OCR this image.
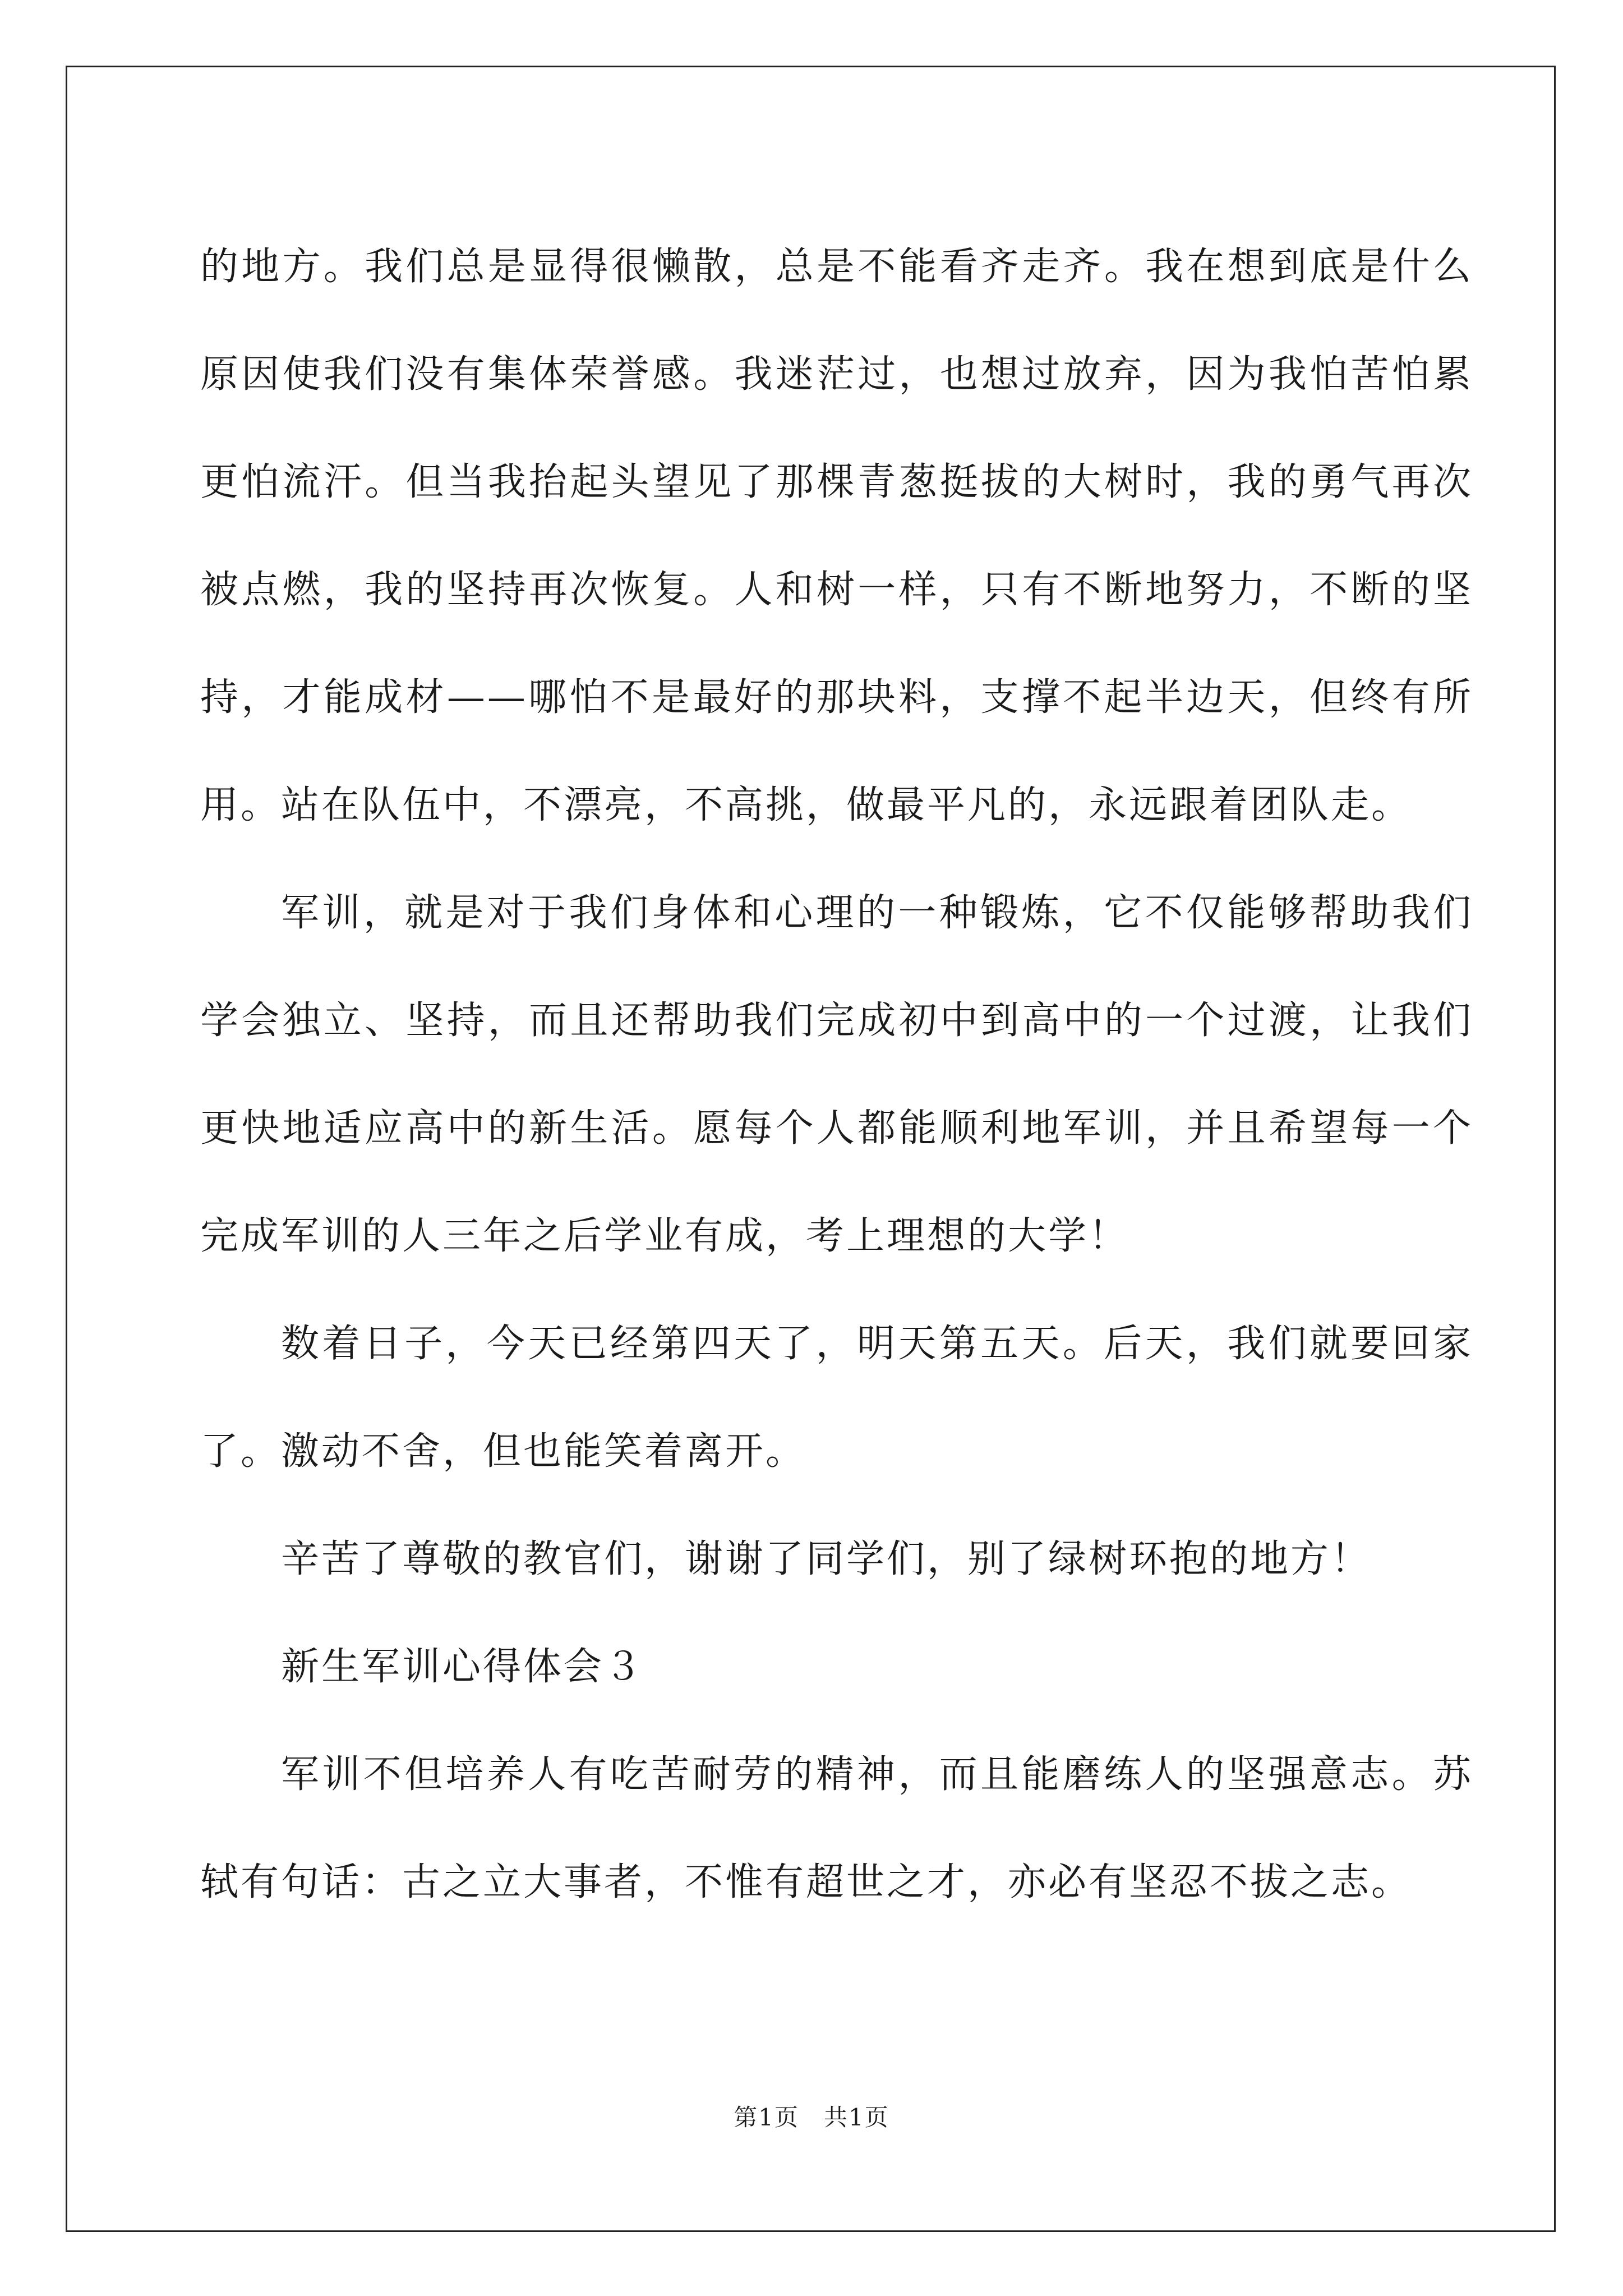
的地方。我们总是显得很懒散，总是不能看齐走齐。我在想到底是什么原因使我们没有集体荣誉感。我迷茫过，也想过放弃，因为我怕苦怕累更怕流汗。但当我抬起头望见了那棵青葱挺拔的大树时，我的勇气再次被点燃，我的坚持再次恢复。人和树一样，只有不断地努力，不断的坚持，才能成材——哪怕不是最好的那块料，支撑不起半边天，但终有所用。站在队伍中，不漂亮，不高挑，做最平凡的，永远跟着团队走。

军训，就是对于我们身体和心理的一种锻炼，它不仅能够帮助我们学会独立、坚持，而且还帮助我们完成初中到高中的一个过渡，让我们更快地适应高中的新生活。愿每个人都能顺利地军训，并且希望每一个完成军训的人三年之后学业有成，考上理想的大学！

数着日子，今天已经第四天了，明天第五天。后天，我们就要回家了。激动不舍，但也能笑着离开。

辛苦了尊敬的教官们，谢谢了同学们，别了绿树环抱的地方！

新生军训心得体会３

军训不但培养人有吃苦耐劳的精神，而且能磨练人的坚强意志。苏轼有句话：古之立大事者，不惟有超世之才，亦必有坚忍不拔之志。

第1页　共1页
